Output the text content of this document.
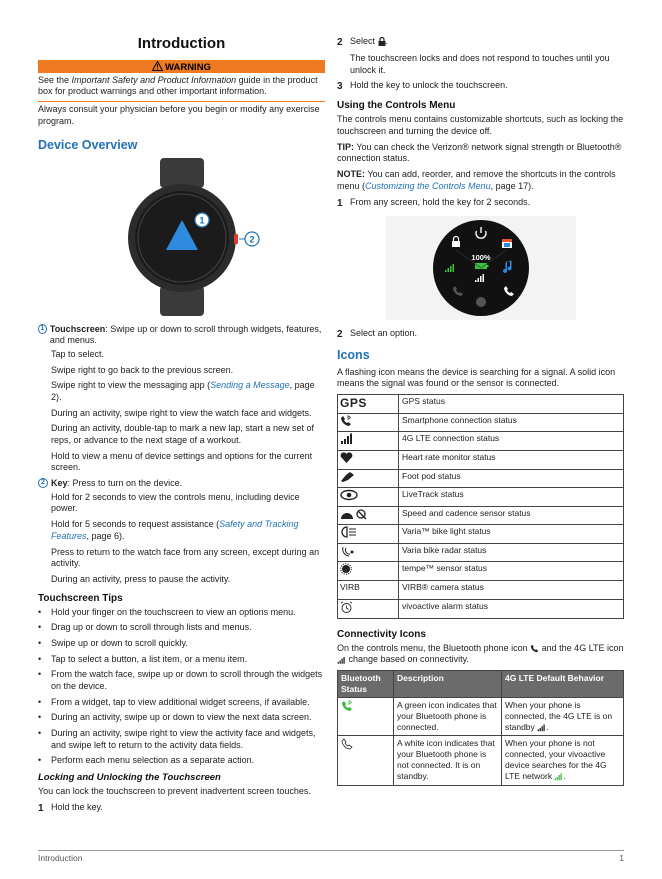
Introduction
WARNING
See the Important Safety and Product Information guide in the product box for product warnings and other important information.
Always consult your physician before you begin or modify any exercise program.
Device Overview
1
2
1 Touchscreen: Swipe up or down to scroll through widgets, features, and menus.
Tap to select.
Swipe right to go back to the previous screen.
Swipe right to view the messaging app (Sending a Message, page 2).
During an activity, swipe right to view the watch face and widgets.
During an activity, double-tap to mark a new lap, start a new set of reps, or advance to the next stage of a workout.
Hold to view a menu of device settings and options for the current screen.
2 Key: Press to turn on the device.
Hold for 2 seconds to view the controls menu, including device power.
Hold for 5 seconds to request assistance (Safety and Tracking Features, page 6).
Press to return to the watch face from any screen, except during an activity.
During an activity, press to pause the activity.
Touchscreen Tips
•	Hold your finger on the touchscreen to view an options menu.
•	Drag up or down to scroll through lists and menus.
•	Swipe up or down to scroll quickly.
•	Tap to select a button, a list item, or a menu item.
•	From the watch face, swipe up or down to scroll through the widgets on the device.
•	From a widget, tap to view additional widget screens, if available.
•	During an activity, swipe up or down to view the next data screen.
•	During an activity, swipe right to view the activity face and widgets, and swipe left to return to the activity data fields.
•	Perform each menu selection as a separate action.
Locking and Unlocking the Touchscreen
You can lock the touchscreen to prevent inadvertent screen touches.
1 Hold the key.
2 Select .
The touchscreen locks and does not respond to touches until you unlock it.
3 Hold the key to unlock the touchscreen.
Using the Controls Menu
The controls menu contains customizable shortcuts, such as locking the touchscreen and turning the device off.
TIP: You can check the Verizon® network signal strength or Bluetooth® connection status.
NOTE: You can add, reorder, and remove the shortcuts in the controls menu (Customizing the Controls Menu, page 17).
1 From any screen, hold the key for 2 seconds.
100%
2 Select an option.
Icons
A flashing icon means the device is searching for a signal. A solid icon means the signal was found or the sensor is connected.
GPS	GPS status
	Smartphone connection status
	4G LTE connection status
	Heart rate monitor status
	Foot pod status
	LiveTrack status
	Speed and cadence sensor status
	Varia™ bike light status
	Varia bike radar status
	tempe™ sensor status
VIRB	VIRB® camera status
	vivoactive alarm status
Connectivity Icons
On the controls menu, the Bluetooth phone icon  and the 4G LTE icon  change based on connectivity.
Bluetooth Status	Description	4G LTE Default Behavior
	A green icon indicates that your Bluetooth phone is connected.	When your phone is connected, the 4G LTE is on standby .
	A white icon indicates that your Bluetooth phone is not connected. It is on standby.	When your phone is not connected, your vivoactive device searches for the 4G LTE network .
Introduction	1
